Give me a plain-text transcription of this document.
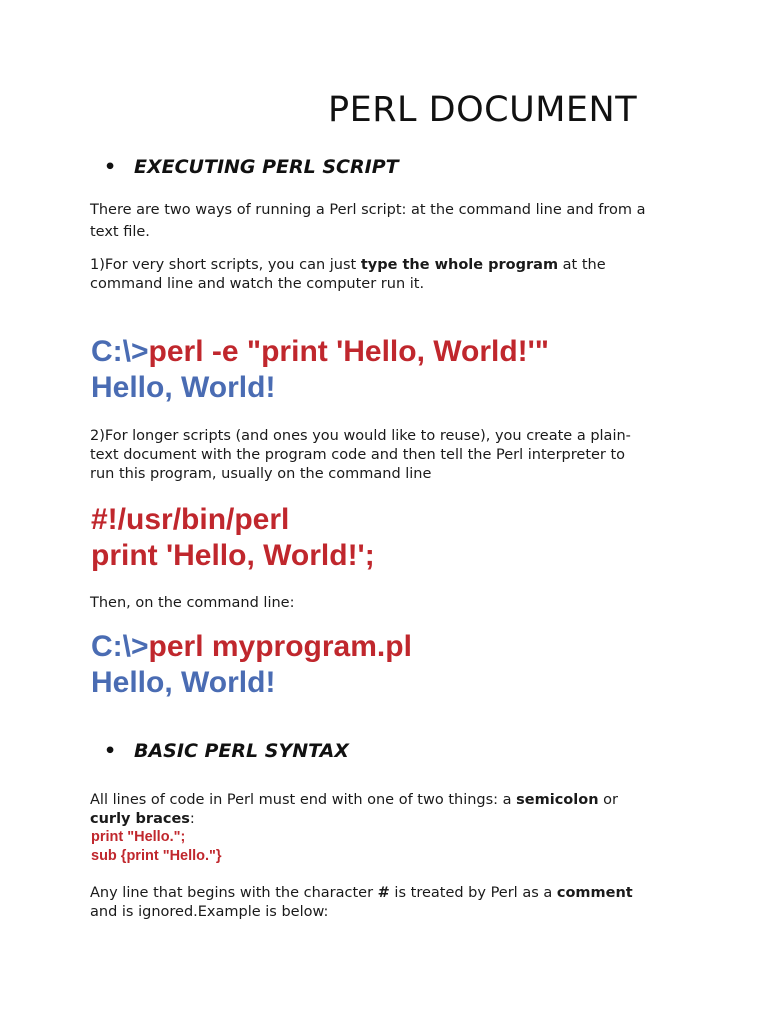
PERL DOCUMENT
• EXECUTING PERL SCRIPT
There are two ways of running a Perl script: at the command line and from a
text file.
1)For very short scripts, you can just type the whole program at the
command line and watch the computer run it.
C:\>perl -e "print 'Hello, World!'"
Hello, World!
2)For longer scripts (and ones you would like to reuse), you create a plain-
text document with the program code and then tell the Perl interpreter to
run this program, usually on the command line
#!/usr/bin/perl
print 'Hello, World!';
Then, on the command line:
C:\>perl myprogram.pl
Hello, World!
• BASIC PERL SYNTAX
All lines of code in Perl must end with one of two things: a semicolon or
curly braces:
print "Hello.";
sub {print "Hello."}
Any line that begins with the character # is treated by Perl as a comment
and is ignored.Example is below:
